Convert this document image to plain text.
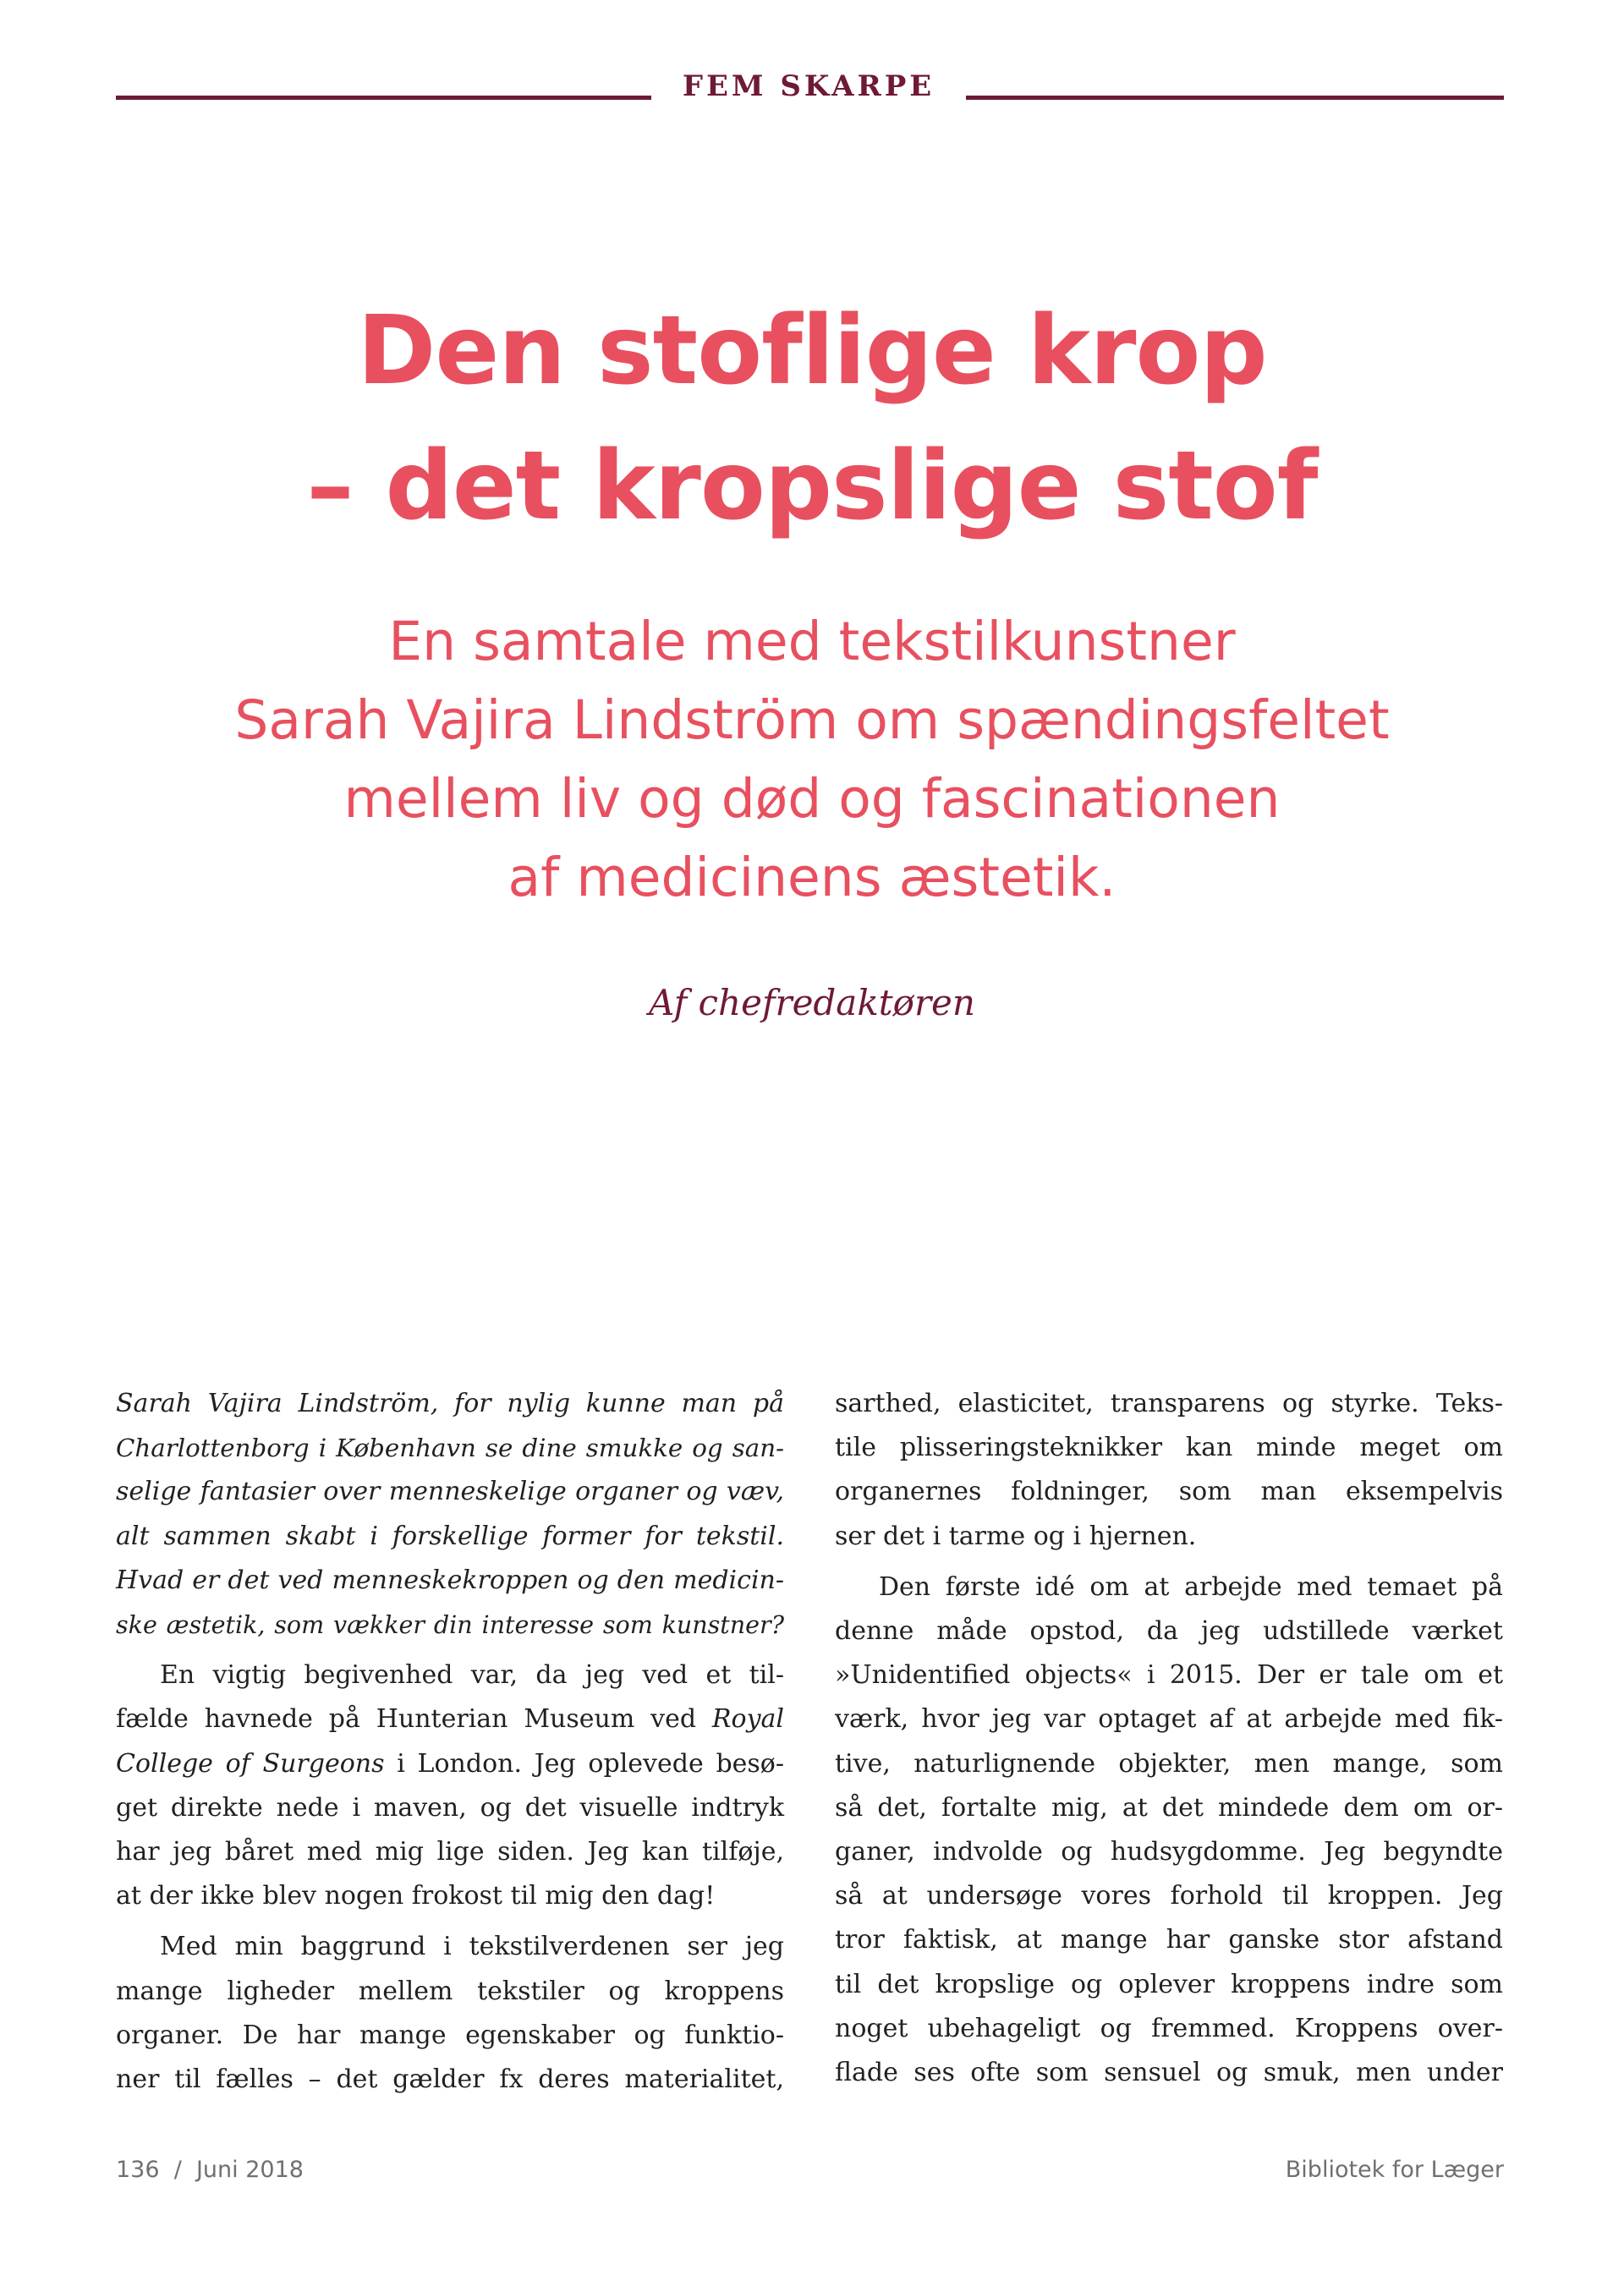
FEM SKARPE
Den stoflige krop
– det kropslige stof
En samtale med tekstilkunstner
Sarah Vajira Lindström om spændingsfeltet
mellem liv og død og fascinationen
af medicinens æstetik.
Af chefredaktøren

Sarah Vajira Lindström, for nylig kunne man på
Charlottenborg i København se dine smukke og san-
selige fantasier over menneskelige organer og væv,
alt sammen skabt i forskellige former for tekstil.
Hvad er det ved menneskekroppen og den medicin-
ske æstetik, som vækker din interesse som kunstner?

En vigtig begivenhed var, da jeg ved et til-
fælde havnede på Hunterian Museum ved Royal
College of Surgeons i London. Jeg oplevede besø-
get direkte nede i maven, og det visuelle indtryk
har jeg båret med mig lige siden. Jeg kan tilføje,
at der ikke blev nogen frokost til mig den dag!

Med min baggrund i tekstilverdenen ser jeg
mange ligheder mellem tekstiler og kroppens
organer. De har mange egenskaber og funktio-
ner til fælles – det gælder fx deres materialitet,

sarthed, elasticitet, transparens og styrke. Teks-
tile plisseringsteknikker kan minde meget om
organernes foldninger, som man eksempelvis
ser det i tarme og i hjernen.

Den første idé om at arbejde med temaet på
denne måde opstod, da jeg udstillede værket
»Unidentified objects« i 2015. Der er tale om et
værk, hvor jeg var optaget af at arbejde med fik-
tive, naturlignende objekter, men mange, som
så det, fortalte mig, at det mindede dem om or-
ganer, indvolde og hudsygdomme. Jeg begyndte
så at undersøge vores forhold til kroppen. Jeg
tror faktisk, at mange har ganske stor afstand
til det kropslige og oplever kroppens indre som
noget ubehageligt og fremmed. Kroppens over-
flade ses ofte som sensuel og smuk, men under

136  /  Juni 2018	Bibliotek for Læger
